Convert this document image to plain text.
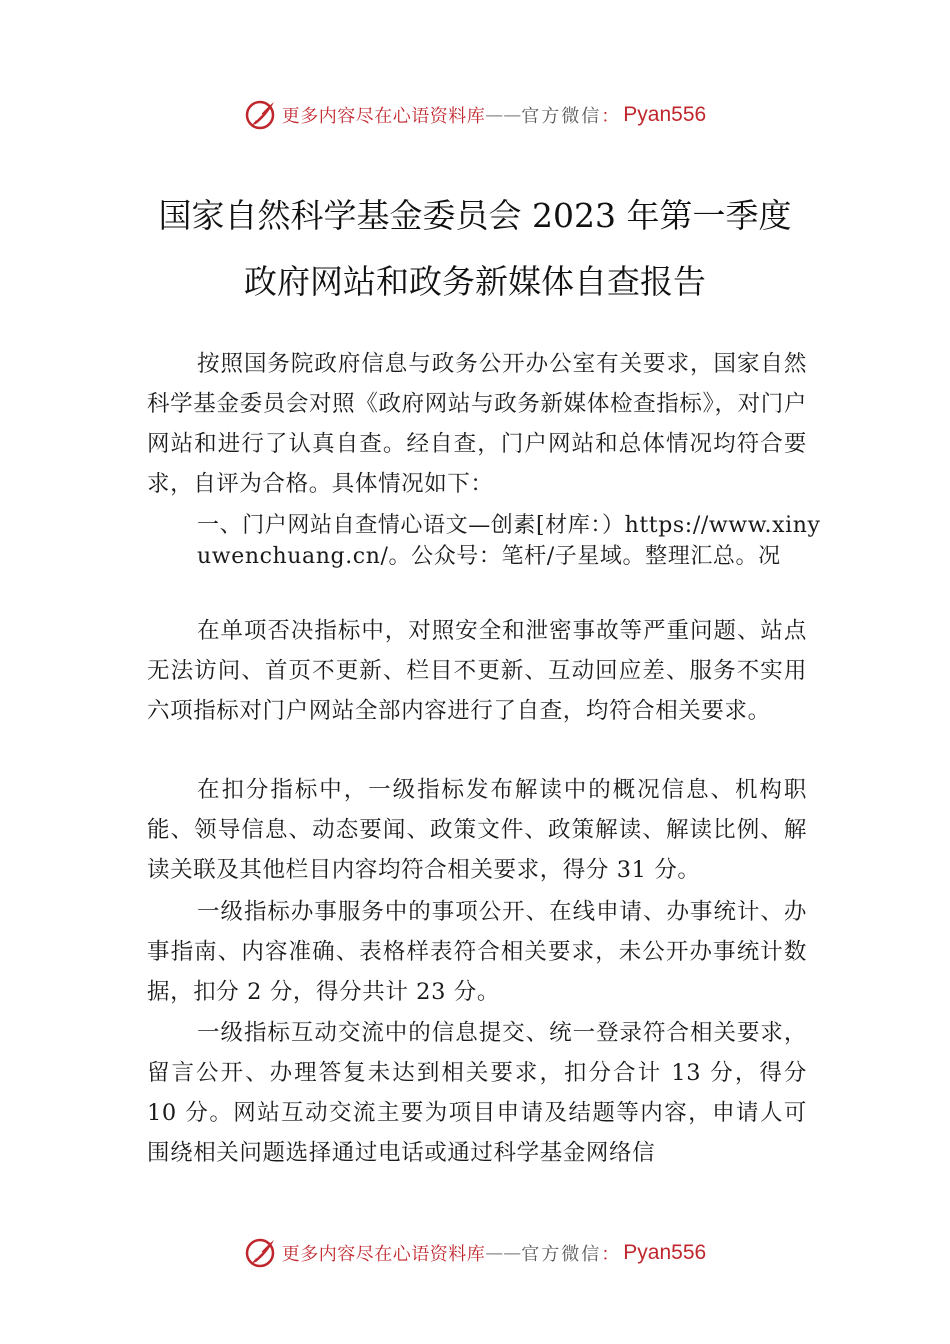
更多内容尽在心语资料库 —— 官方微信 ： Pyan556
国家自然科学基金委员会 2023 年第一季度
政府网站和政务新媒体自查报告

按照国务院政府信息与政务公开办公室有关要求，国家自然科学基金委员会对照《政府网站与政务新媒体检查指标》，对门户网站和进行了认真自查。经自查，门户网站和总体情况均符合要求，自评为合格。具体情况如下：

一、门户网站自查情心语文—创素[材库：）https://www.xinyuwenchuang.cn/。公众号：笔杆/子星域。整理汇总。况

在单项否决指标中，对照安全和泄密事故等严重问题、站点无法访问、首页不更新、栏目不更新、互动回应差、服务不实用六项指标对门户网站全部内容进行了自查，均符合相关要求。

在扣分指标中，一级指标发布解读中的概况信息、机构职能、领导信息、动态要闻、政策文件、政策解读、解读比例、解读关联及其他栏目内容均符合相关要求，得分 31 分。

一级指标办事服务中的事项公开、在线申请、办事统计、办事指南、内容准确、表格样表符合相关要求，未公开办事统计数据，扣分 2 分，得分共计 23 分。

一级指标互动交流中的信息提交、统一登录符合相关要求，留言公开、办理答复未达到相关要求，扣分合计 13 分，得分 10 分。网站互动交流主要为项目申请及结题等内容，申请人可围绕相关问题选择通过电话或通过科学基金网络信

更多内容尽在心语资料库 —— 官方微信 ： Pyan556
